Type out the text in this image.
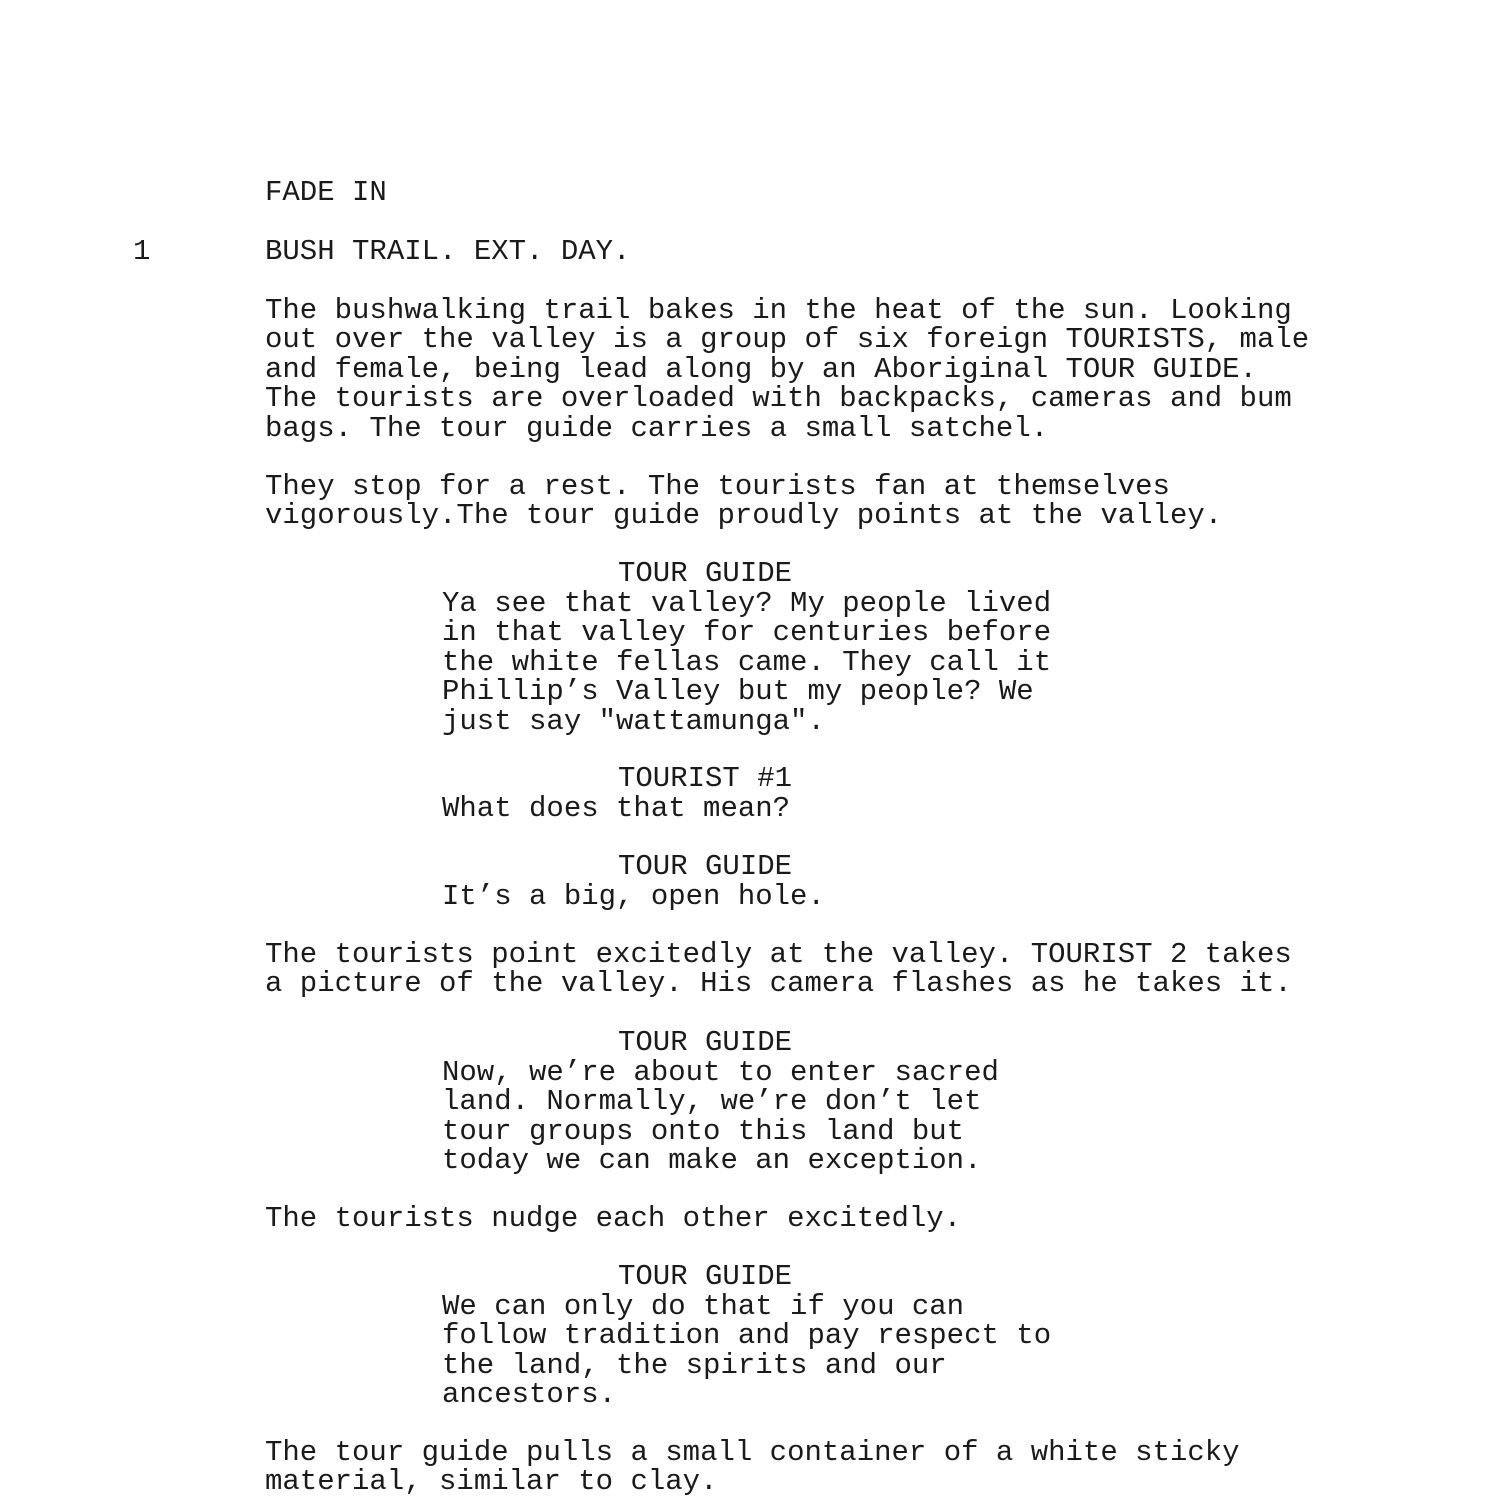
FADE IN
1	BUSH TRAIL. EXT. DAY.
The bushwalking trail bakes in the heat of the sun. Looking
out over the valley is a group of six foreign TOURISTS, male
and female, being lead along by an Aboriginal TOUR GUIDE.
The tourists are overloaded with backpacks, cameras and bum
bags. The tour guide carries a small satchel.
They stop for a rest. The tourists fan at themselves
vigorously.The tour guide proudly points at the valley.
TOUR GUIDE
Ya see that valley? My people lived
in that valley for centuries before
the white fellas came. They call it
Phillip’s Valley but my people? We
just say "wattamunga".
TOURIST #1
What does that mean?
TOUR GUIDE
It’s a big, open hole.
The tourists point excitedly at the valley. TOURIST 2 takes
a picture of the valley. His camera flashes as he takes it.
TOUR GUIDE
Now, we’re about to enter sacred
land. Normally, we’re don’t let
tour groups onto this land but
today we can make an exception.
The tourists nudge each other excitedly.
TOUR GUIDE
We can only do that if you can
follow tradition and pay respect to
the land, the spirits and our
ancestors.
The tour guide pulls a small container of a white sticky
material, similar to clay.
